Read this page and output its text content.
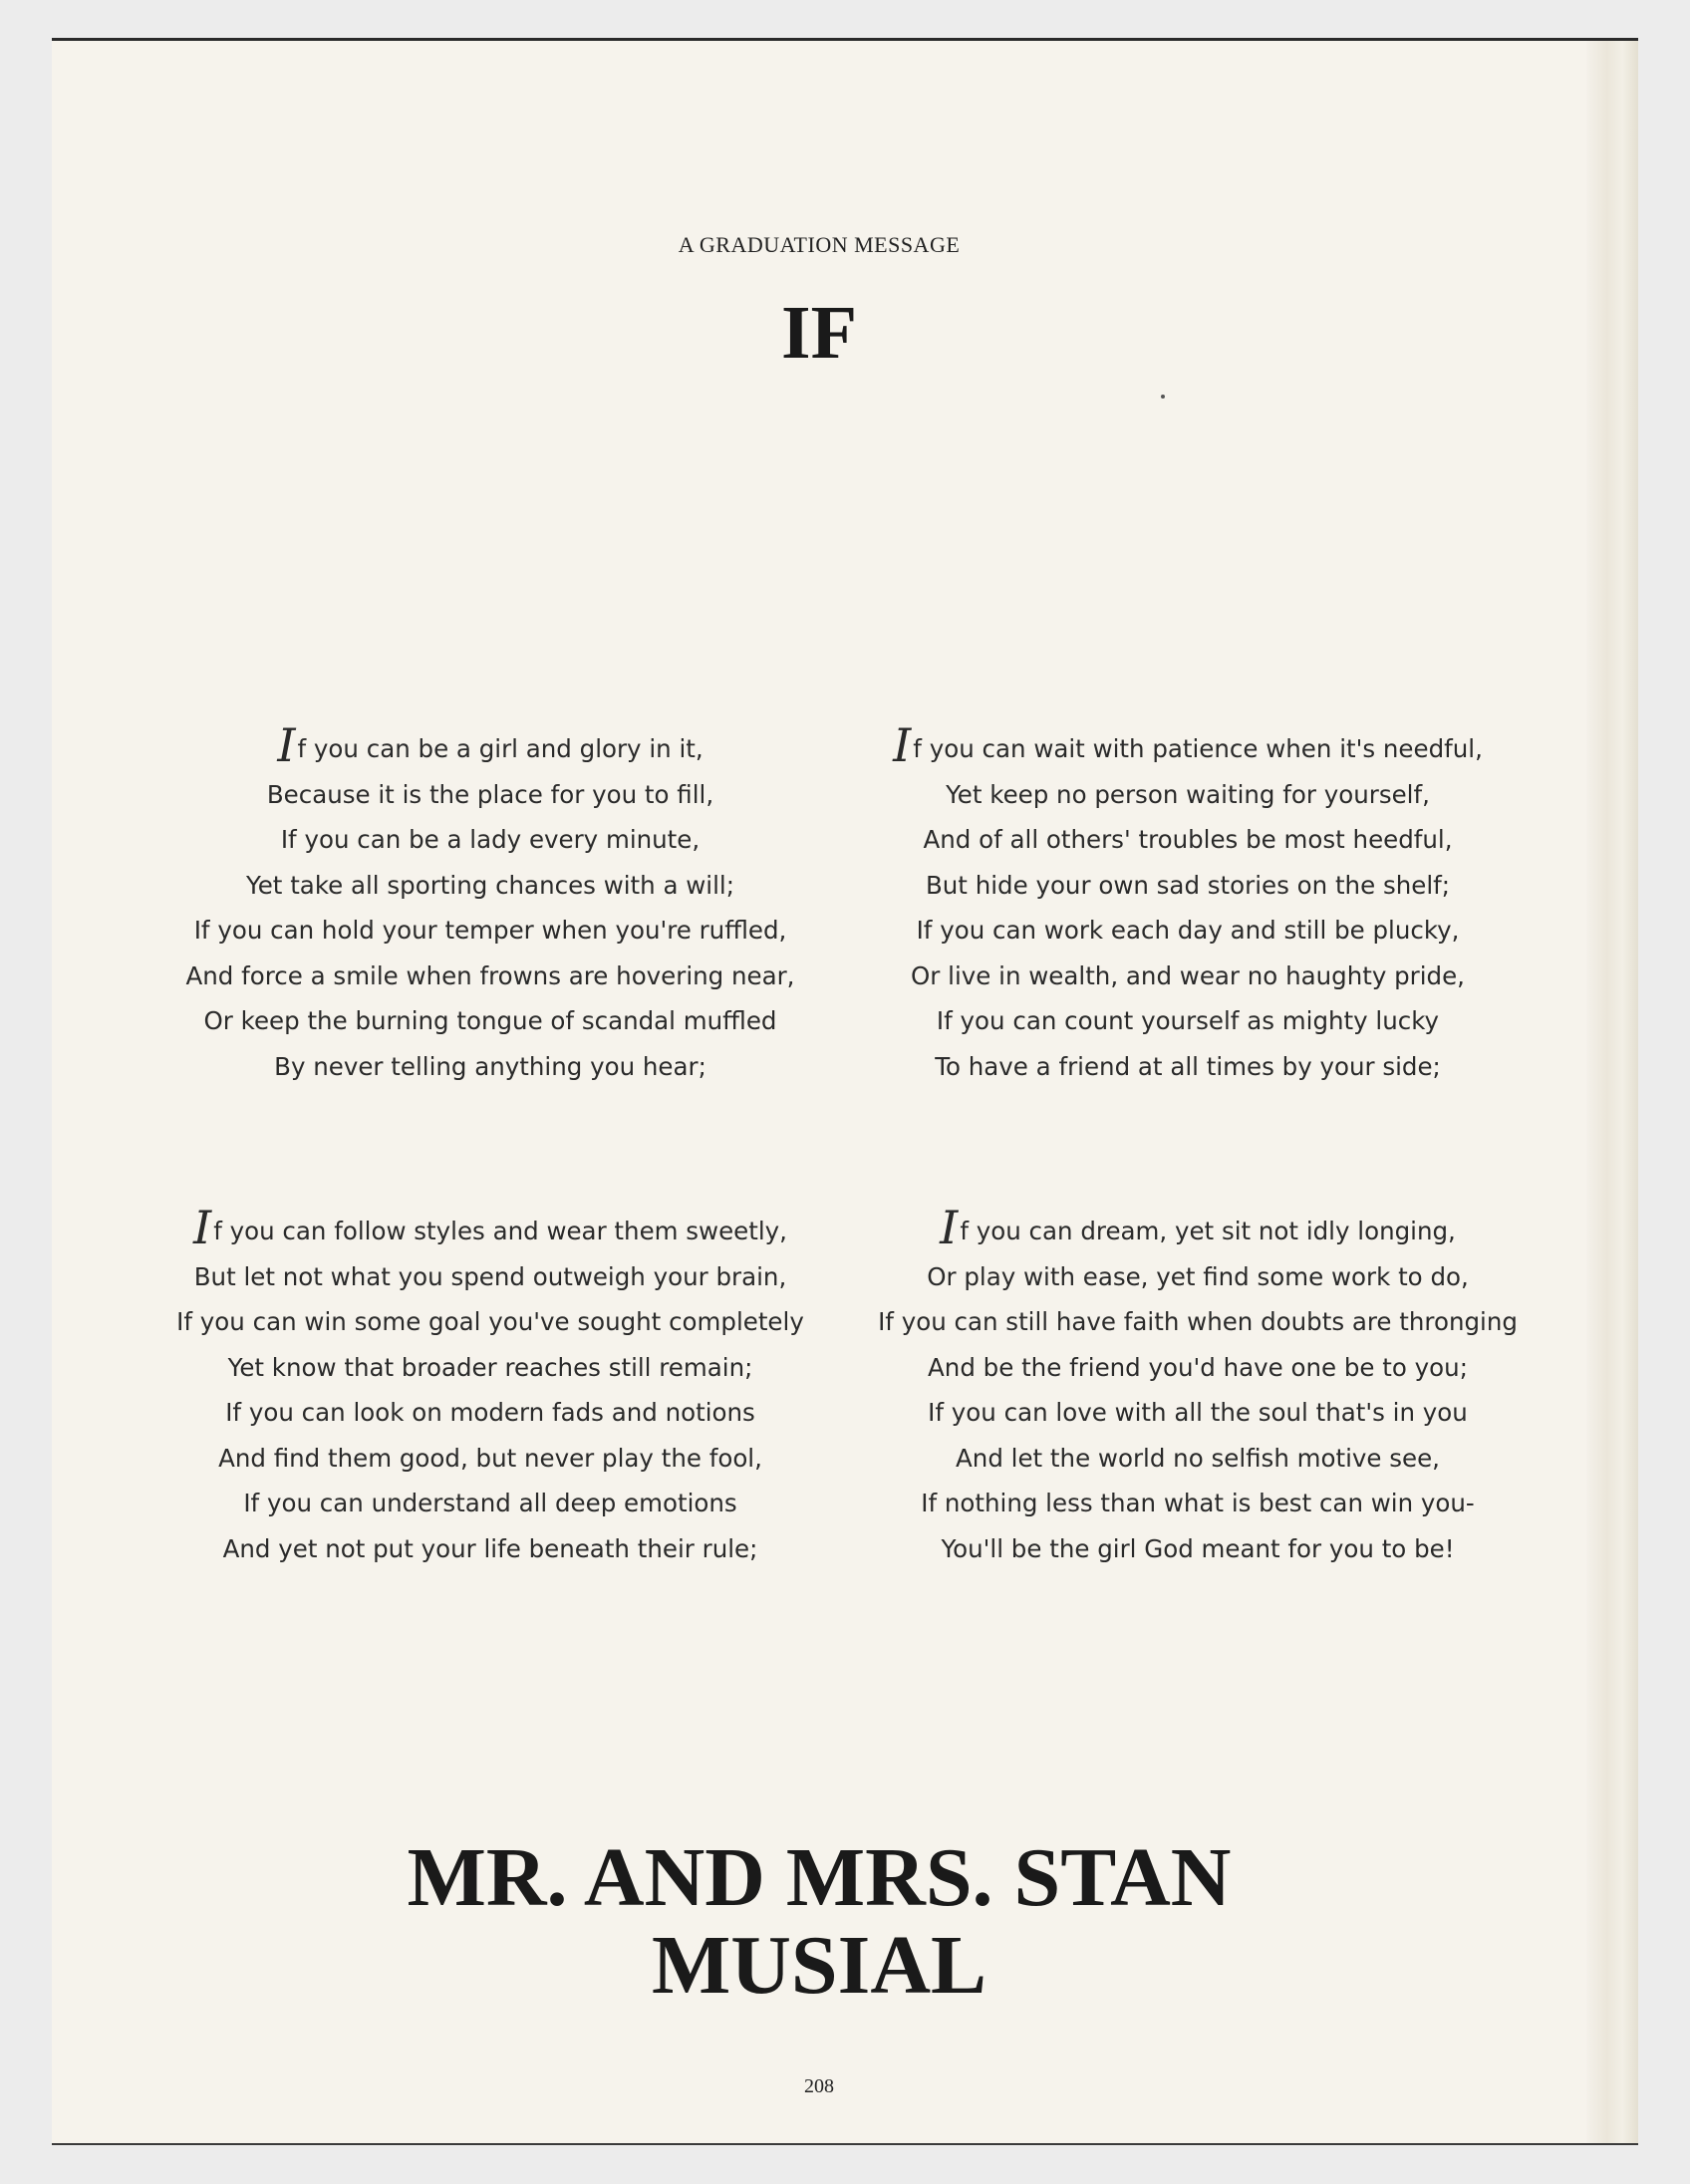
A GRADUATION MESSAGE
IF
If you can be a girl and glory in it,
Because it is the place for you to fill,
If you can be a lady every minute,
Yet take all sporting chances with a will;
If you can hold your temper when you're ruffled,
And force a smile when frowns are hovering near,
Or keep the burning tongue of scandal muffled
By never telling anything you hear;
If you can wait with patience when it's needful,
Yet keep no person waiting for yourself,
And of all others' troubles be most heedful,
But hide your own sad stories on the shelf;
If you can work each day and still be plucky,
Or live in wealth, and wear no haughty pride,
If you can count yourself as mighty lucky
To have a friend at all times by your side;
If you can follow styles and wear them sweetly,
But let not what you spend outweigh your brain,
If you can win some goal you've sought completely
Yet know that broader reaches still remain;
If you can look on modern fads and notions
And find them good, but never play the fool,
If you can understand all deep emotions
And yet not put your life beneath their rule;
If you can dream, yet sit not idly longing,
Or play with ease, yet find some work to do,
If you can still have faith when doubts are thronging
And be the friend you'd have one be to you;
If you can love with all the soul that's in you
And let the world no selfish motive see,
If nothing less than what is best can win you-
You'll be the girl God meant for you to be!
MR. AND MRS. STAN
MUSIAL
208
